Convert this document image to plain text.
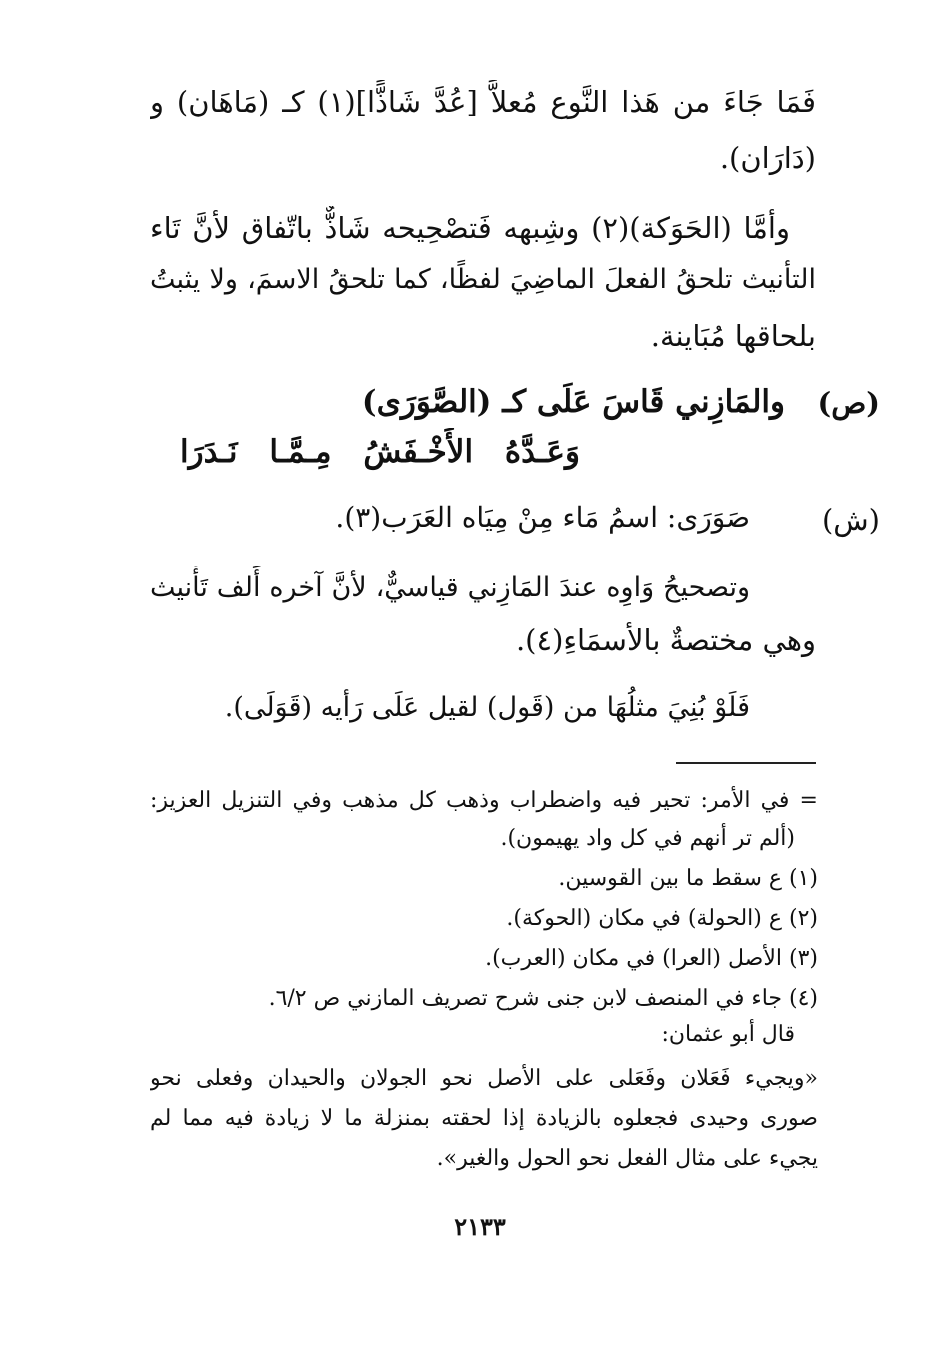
فَمَا جَاءَ من هَذا النَّوع مُعلاًّ [عُدَّ شَاذًّا](١) كـ (مَاهَان) و
(دَارَان).
وأمَّا (الحَوَكة)(٢) وشِبهه فَتصْحِيحه شَاذٌّ باتّفاق لأنَّ تَاء
التأنيث تلحقُ الفعلَ الماضِيَ لفظًا، كما تلحقُ الاسمَ، ولا يثبتُ
بلحاقها مُبَاينة.
(ص)
والمَازِني قَاسَ عَلَى كـ (الصَّوَرَى)
وَعَـدَّهُ الأَخْـفَشُ مِـمَّـا نَـدَرَا
(ش)
صَوَرَى: اسمُ مَاء مِنْ مِيَاه العَرَب(٣).
وتصحيحُ وَاوِه عندَ المَازِني قياسيٌّ، لأنَّ آخره أَلف تَأْنيث
وهي مختصةٌ بالأسمَاءِ(٤).
فَلَوْ بُنِيَ مثلُهَا من (قَول) لقيل عَلَى رَأيه (قَوَلَى).
= في الأمر: تحير فيه واضطراب وذهب كل مذهب وفي التنزيل العزيز:
(ألم تر أنهم في كل واد يهيمون).
(١) ع سقط ما بين القوسين.
(٢) ع (الحولة) في مكان (الحوكة).
(٣) الأصل (العرا) في مكان (العرب).
(٤) جاء في المنصف لابن جنى شرح تصريف المازني ص ٦/٢.
قال أبو عثمان:
«ويجيء فَعَلان وفَعَلى على الأصل نحو الجولان والحيدان وفعلى نحو
صورى وحيدى فجعلوه بالزيادة إذا لحقته بمنزلة ما لا زيادة فيه مما لم
يجيء على مثال الفعل نحو الحول والغير».
٢١٣٣
